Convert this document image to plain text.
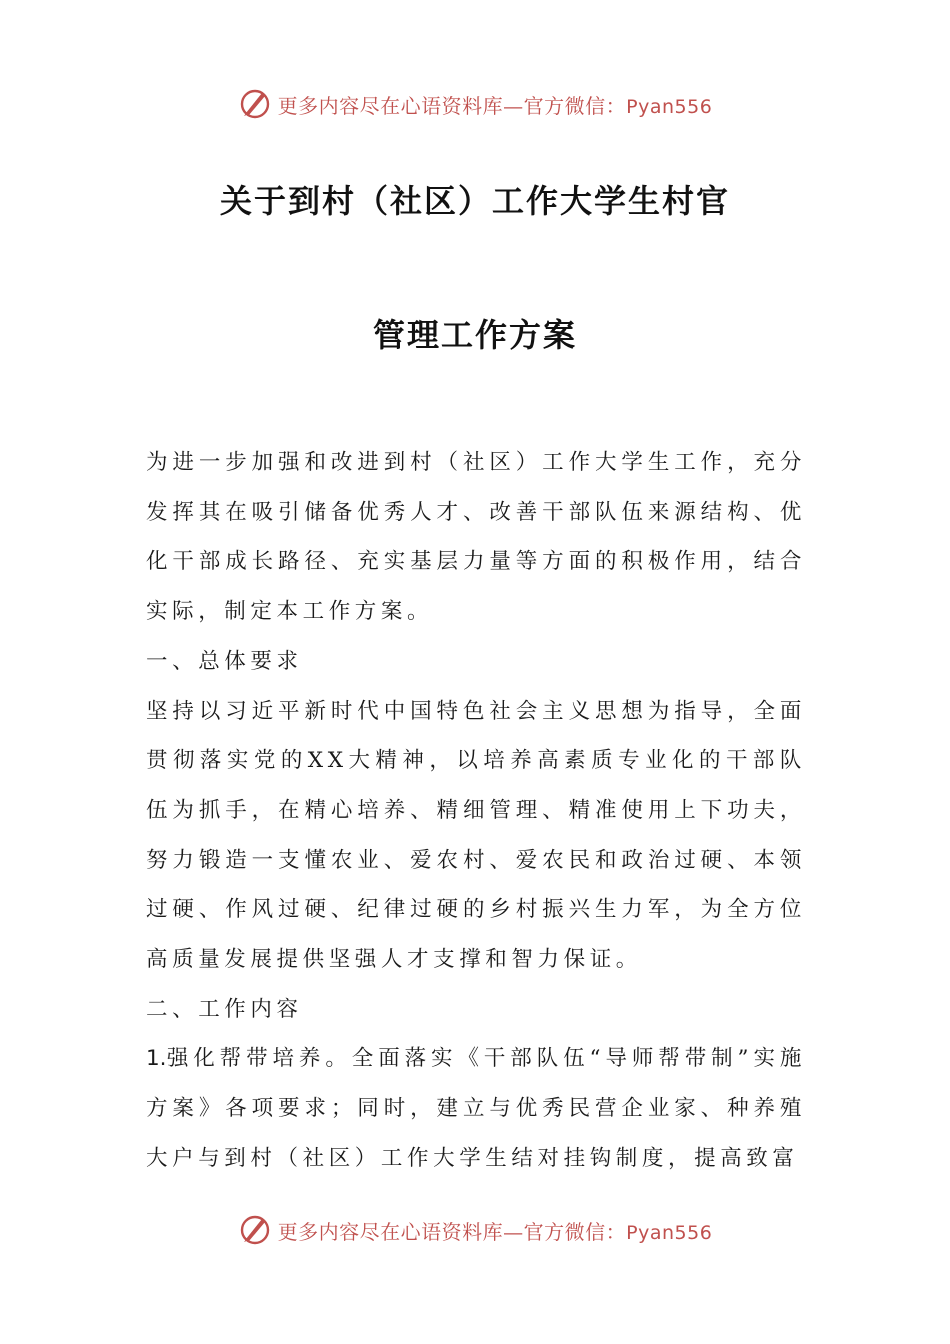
更多内容尽在心语资料库—官方微信：Pyan556
关于到村（社区）工作大学生村官
管理工作方案

为进一步加强和改进到村（社区）工作大学生工作，充分发挥其在吸引储备优秀人才、改善干部队伍来源结构、优化干部成长路径、充实基层力量等方面的积极作用，结合实际，制定本工作方案。

一、总体要求

坚持以习近平新时代中国特色社会主义思想为指导，全面贯彻落实党的XX大精神，以培养高素质专业化的干部队伍为抓手，在精心培养、精细管理、精准使用上下功夫，努力锻造一支懂农业、爱农村、爱农民和政治过硬、本领过硬、作风过硬、纪律过硬的乡村振兴生力军，为全方位高质量发展提供坚强人才支撑和智力保证。

二、工作内容

1.强化帮带培养。全面落实《干部队伍“导师帮带制”实施方案》各项要求；同时，建立与优秀民营企业家、种养殖大户与到村（社区）工作大学生结对挂钩制度，提高致富

更多内容尽在心语资料库—官方微信：Pyan556
